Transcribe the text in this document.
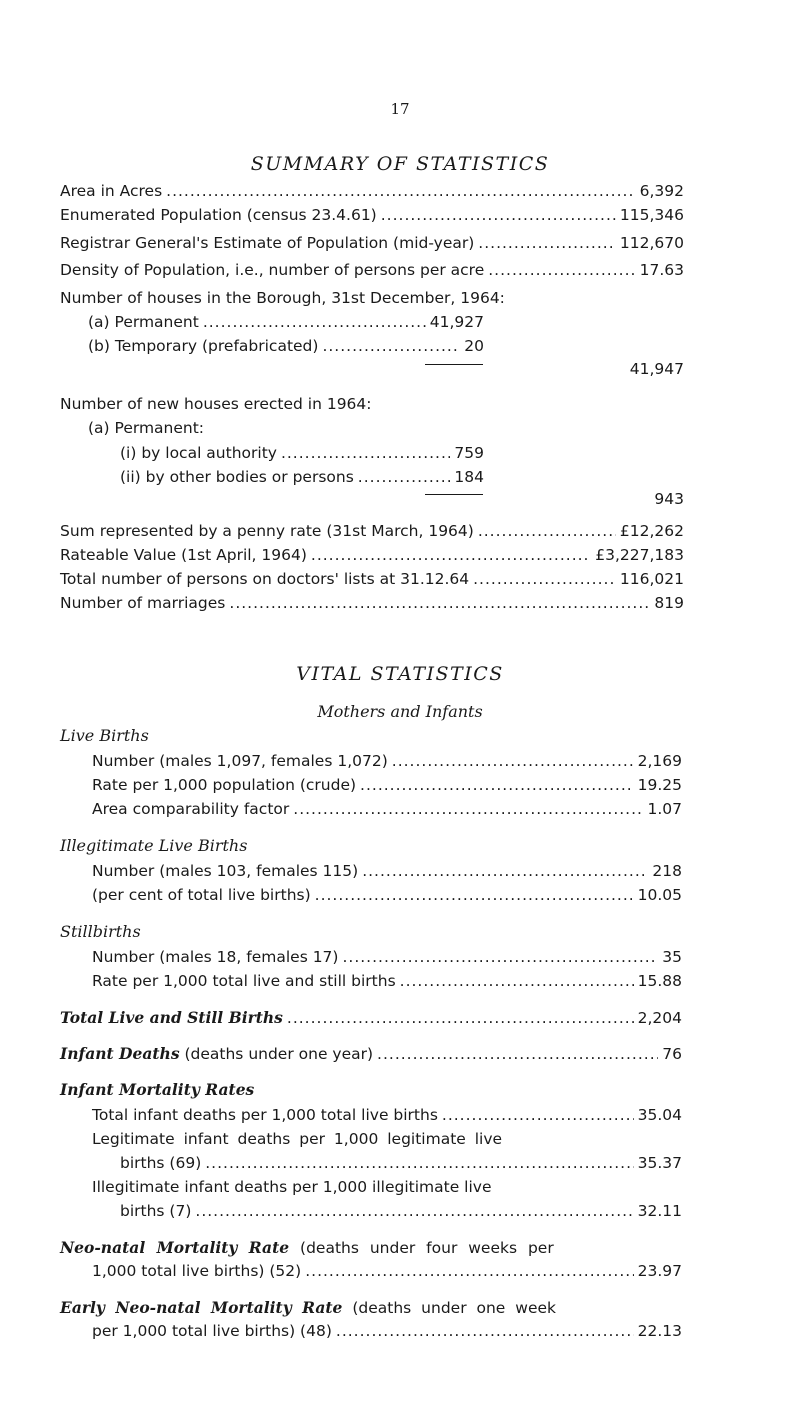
17
SUMMARY OF STATISTICS
Area in Acres .....	6,392
Enumerated Population (census 23.4.61) .....	115,346
Registrar General's Estimate of Population (mid-year) .....	112,670
Density of Population, i.e., number of persons per acre .....	17.63
Number of houses in the Borough, 31st December, 1964:
(a) Permanent .....	41,927
(b) Temporary (prefabricated) .....	20
41,947
Number of new houses erected in 1964:
(a) Permanent:
(i) by local authority .....	759
(ii) by other bodies or persons .....	184
943
Sum represented by a penny rate (31st March, 1964) .....	£12,262
Rateable Value (1st April, 1964) .....	£3,227,183
Total number of persons on doctors' lists at 31.12.64 .....	116,021
Number of marriages .....	819
VITAL STATISTICS
Mothers and Infants
Live Births
Number (males 1,097, females 1,072) .....	2,169
Rate per 1,000 population (crude) .....	19.25
Area comparability factor .....	1.07
Illegitimate Live Births
Number (males 103, females 115) .....	218
(per cent of total live births) .....	10.05
Stillbirths
Number (males 18, females 17) .....	35
Rate per 1,000 total live and still births .....	15.88
Total Live and Still Births .....	2,204
Infant Deaths (deaths under one year) .....	76
Infant Mortality Rates
Total infant deaths per 1,000 total live births .....	35.04
Legitimate infant deaths per 1,000 legitimate live
births (69) .....	35.37
Illegitimate infant deaths per 1,000 illegitimate live
births (7) .....	32.11
Neo-natal Mortality Rate (deaths under four weeks per
1,000 total live births) (52) .....	23.97
Early Neo-natal Mortality Rate (deaths under one week
per 1,000 total live births) (48) .....	22.13
